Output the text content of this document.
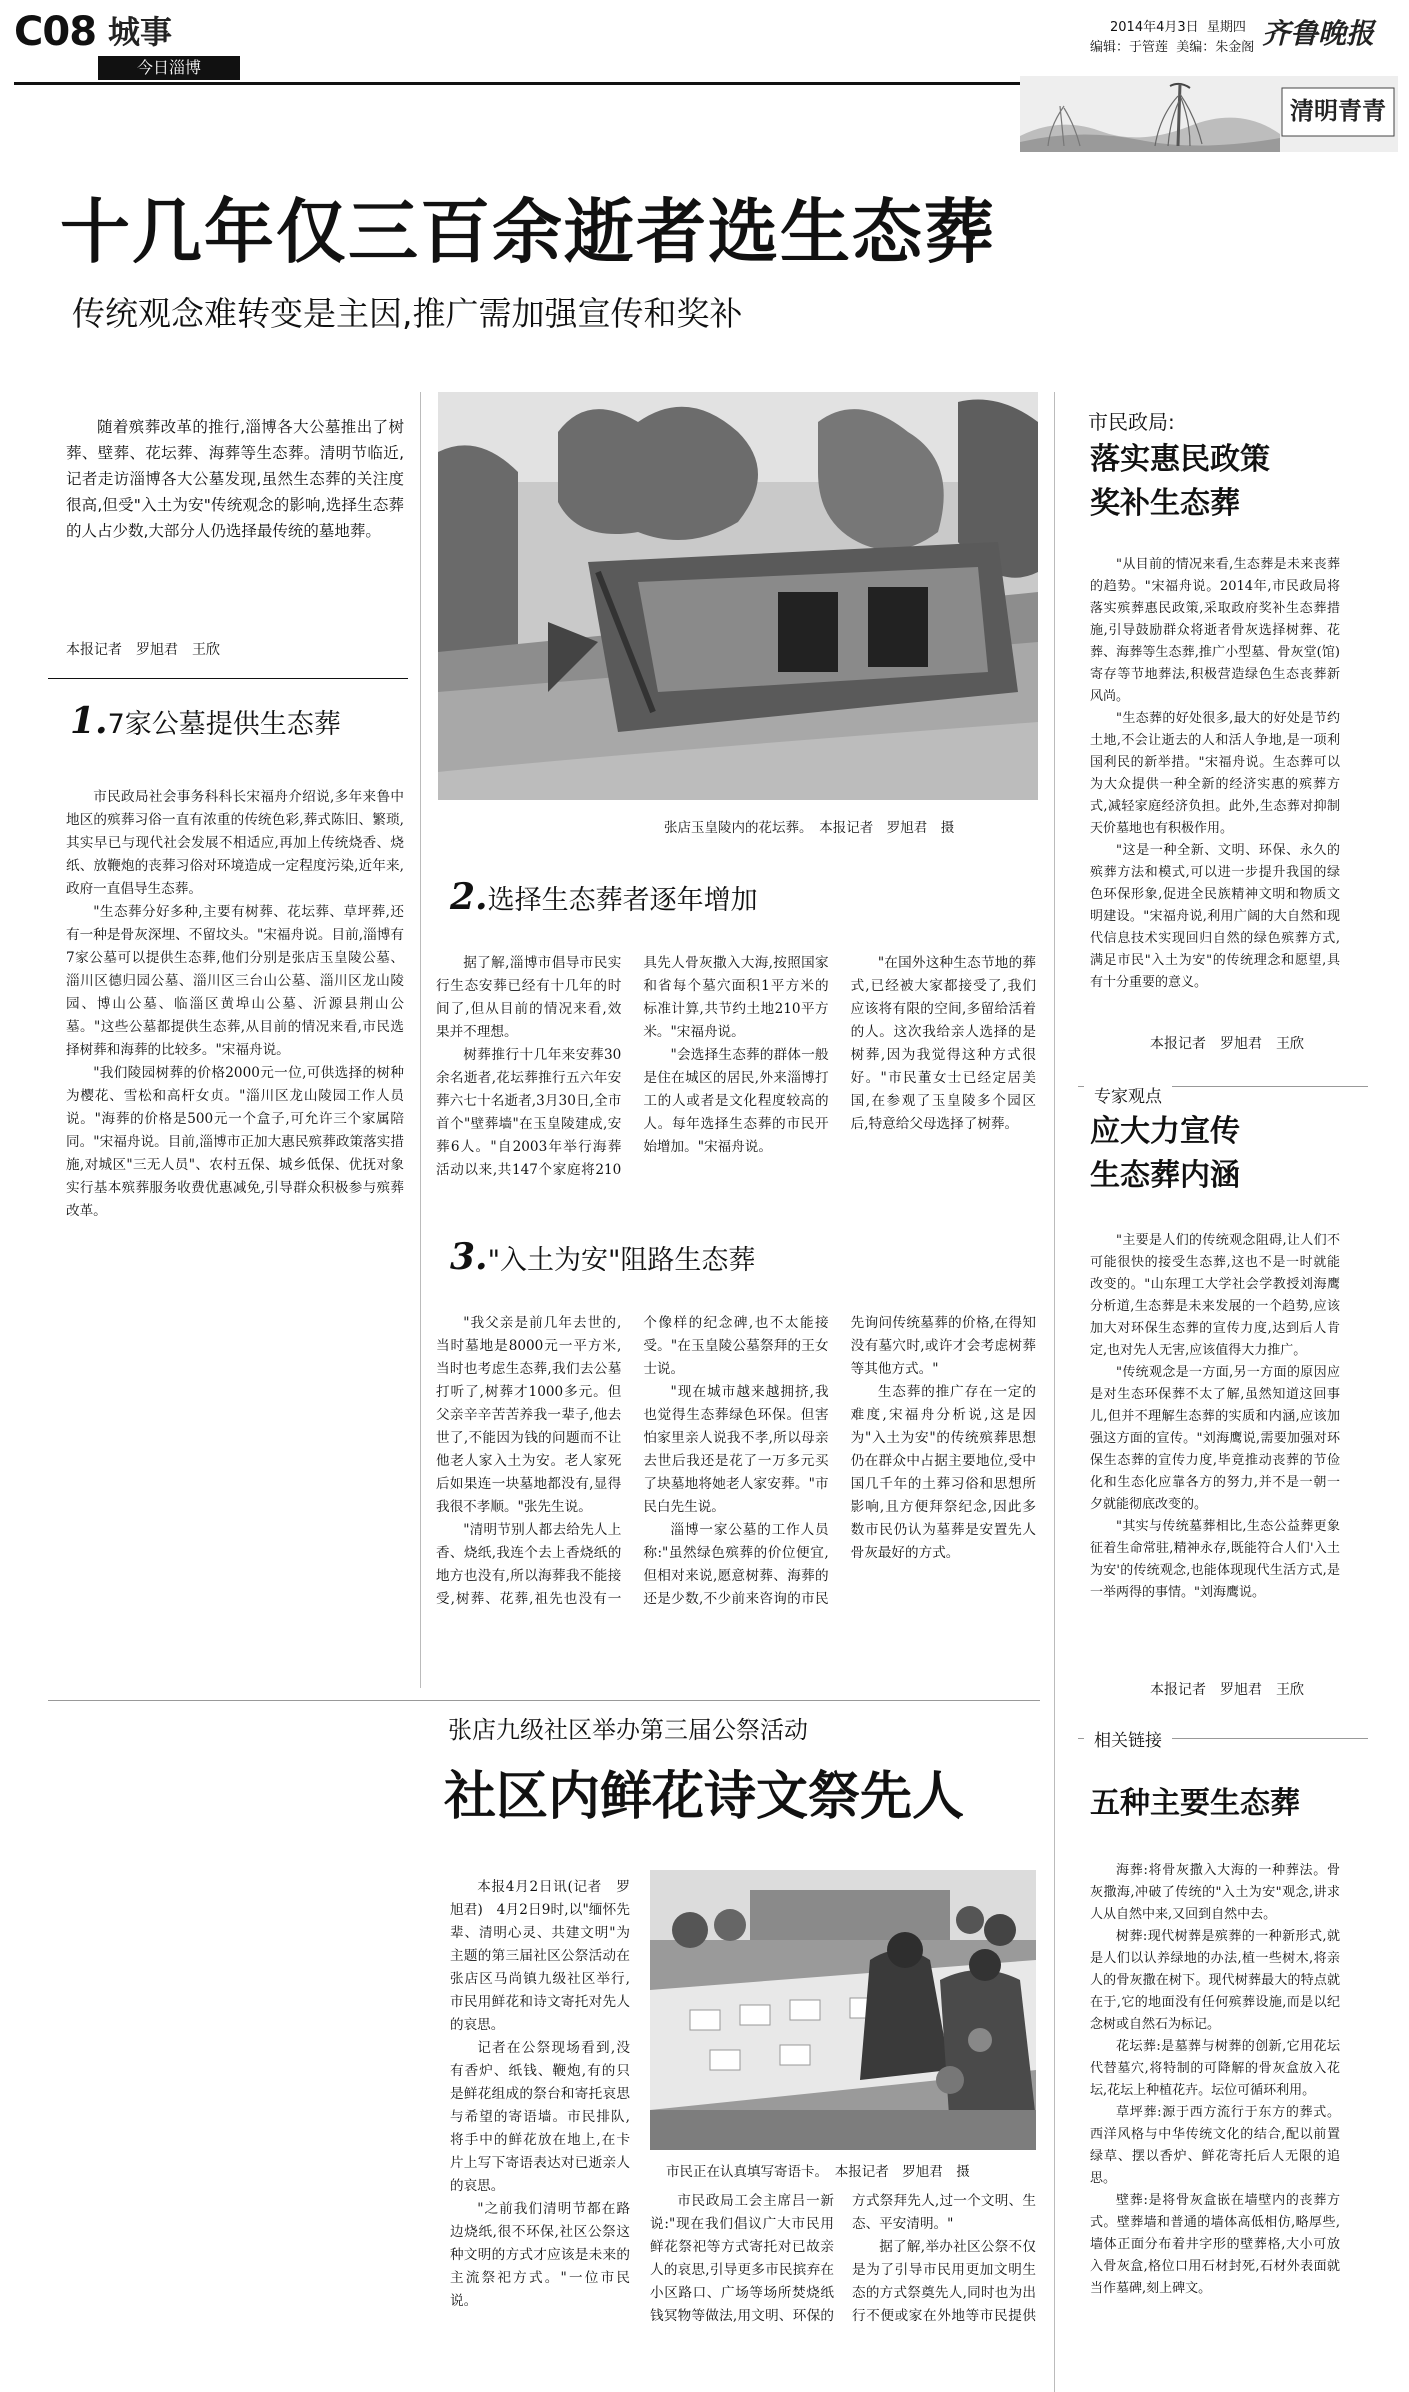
C08 城事
今日淄博
2014年4月3日 星期四
编辑：于管莲 美编：朱金阁 齐鲁晚报
清明青青
十几年仅三百余逝者选生态葬
传统观念难转变是主因,推广需加强宣传和奖补

随着殡葬改革的推行,淄博各大公墓推出了树葬、壁葬、花坛葬、海葬等生态葬。清明节临近,记者走访淄博各大公墓发现,虽然生态葬的关注度很高,但受"入土为安"传统观念的影响,选择生态葬的人占少数,大部分人仍选择最传统的墓地葬。

本报记者　罗旭君　王欣
张店玉皇陵内的花坛葬。　本报记者　罗旭君　摄
1.7家公墓提供生态葬

市民政局社会事务科科长宋福舟介绍说,多年来鲁中地区的殡葬习俗一直有浓重的传统色彩,葬式陈旧、繁琐,其实早已与现代社会发展不相适应,再加上传统烧香、烧纸、放鞭炮的丧葬习俗对环境造成一定程度污染,近年来,政府一直倡导生态葬。

"生态葬分好多种,主要有树葬、花坛葬、草坪葬,还有一种是骨灰深埋、不留坟头。"宋福舟说。目前,淄博有7家公墓可以提供生态葬,他们分别是张店玉皇陵公墓、淄川区德归园公墓、淄川区三台山公墓、淄川区龙山陵园、博山公墓、临淄区黄埠山公墓、沂源县荆山公墓。"这些公墓都提供生态葬,从目前的情况来看,市民选择树葬和海葬的比较多。"宋福舟说。

"我们陵园树葬的价格2000元一位,可供选择的树种为樱花、雪松和高杆女贞。"淄川区龙山陵园工作人员说。"海葬的价格是500元一个盒子,可允许三个家属陪同。"宋福舟说。目前,淄博市正加大惠民殡葬政策落实措施,对城区"三无人员"、农村五保、城乡低保、优抚对象实行基本殡葬服务收费优惠减免,引导群众积极参与殡葬改革。

2.选择生态葬者逐年增加

据了解,淄博市倡导市民实行生态安葬已经有十几年的时间了,但从目前的情况来看,效果并不理想。

树葬推行十几年来安葬30余名逝者,花坛葬推行五六年安葬六七十名逝者,3月30日,全市首个"壁葬墙"在玉皇陵建成,安葬6人。"自2003年举行海葬活动以来,共147个家庭将210具先人骨灰撒入大海,按照国家和省每个墓穴面积1平方米的标准计算,共节约土地210平方米。"宋福舟说。

"会选择生态葬的群体一般是住在城区的居民,外来淄博打工的人或者是文化程度较高的人。每年选择生态葬的市民开始增加。"宋福舟说。

"在国外这种生态节地的葬式,已经被大家都接受了,我们应该将有限的空间,多留给活着的人。这次我给亲人选择的是树葬,因为我觉得这种方式很好。"市民董女士已经定居美国,在参观了玉皇陵多个园区后,特意给父母选择了树葬。

3."入土为安"阻路生态葬

"我父亲是前几年去世的,当时墓地是8000元一平方米,当时也考虑生态葬,我们去公墓打听了,树葬才1000多元。但父亲辛辛苦苦养我一辈子,他去世了,不能因为钱的问题而不让他老人家入土为安。老人家死后如果连一块墓地都没有,显得我很不孝顺。"张先生说。

"清明节别人都去给先人上香、烧纸,我连个去上香烧纸的地方也没有,所以海葬我不能接受,树葬、花葬,祖先也没有一个像样的纪念碑,也不太能接受。"在玉皇陵公墓祭拜的王女士说。

"现在城市越来越拥挤,我也觉得生态葬绿色环保。但害怕家里亲人说我不孝,所以母亲去世后我还是花了一万多元买了块墓地将她老人家安葬。"市民白先生说。

淄博一家公墓的工作人员称:"虽然绿色殡葬的价位便宜,但相对来说,愿意树葬、海葬的还是少数,不少前来咨询的市民先询问传统墓葬的价格,在得知没有墓穴时,或许才会考虑树葬等其他方式。"

生态葬的推广存在一定的难度,宋福舟分析说,这是因为"入土为安"的传统殡葬思想仍在群众中占据主要地位,受中国几千年的土葬习俗和思想所影响,且方便拜祭纪念,因此多数市民仍认为墓葬是安置先人骨灰最好的方式。

市民政局:
落实惠民政策
奖补生态葬

"从目前的情况来看,生态葬是未来丧葬的趋势。"宋福舟说。2014年,市民政局将落实殡葬惠民政策,采取政府奖补生态葬措施,引导鼓励群众将逝者骨灰选择树葬、花葬、海葬等生态葬,推广小型墓、骨灰堂(馆)寄存等节地葬法,积极营造绿色生态丧葬新风尚。

"生态葬的好处很多,最大的好处是节约土地,不会让逝去的人和活人争地,是一项利国利民的新举措。"宋福舟说。生态葬可以为大众提供一种全新的经济实惠的殡葬方式,减轻家庭经济负担。此外,生态葬对抑制天价墓地也有积极作用。

"这是一种全新、文明、环保、永久的殡葬方法和模式,可以进一步提升我国的绿色环保形象,促进全民族精神文明和物质文明建设。"宋福舟说,利用广阔的大自然和现代信息技术实现回归自然的绿色殡葬方式,满足市民"入土为安"的传统理念和愿望,具有十分重要的意义。

本报记者　罗旭君　王欣
专家观点
应大力宣传
生态葬内涵

"主要是人们的传统观念阻碍,让人们不可能很快的接受生态葬,这也不是一时就能改变的。"山东理工大学社会学教授刘海鹰分析道,生态葬是未来发展的一个趋势,应该加大对环保生态葬的宣传力度,达到后人肯定,也对先人无害,应该值得大力推广。

"传统观念是一方面,另一方面的原因应是对生态环保葬不太了解,虽然知道这回事儿,但并不理解生态葬的实质和内涵,应该加强这方面的宣传。"刘海鹰说,需要加强对环保生态葬的宣传力度,毕竟推动丧葬的节俭化和生态化应靠各方的努力,并不是一朝一夕就能彻底改变的。

"其实与传统墓葬相比,生态公益葬更象征着生命常驻,精神永存,既能符合人们'入土为安'的传统观念,也能体现现代生活方式,是一举两得的事情。"刘海鹰说。

本报记者　罗旭君　王欣
相关链接
五种主要生态葬

海葬:将骨灰撒入大海的一种葬法。骨灰撒海,冲破了传统的"入土为安"观念,讲求人从自然中来,又回到自然中去。

树葬:现代树葬是殡葬的一种新形式,就是人们以认养绿地的办法,植一些树木,将亲人的骨灰撒在树下。现代树葬最大的特点就在于,它的地面没有任何殡葬设施,而是以纪念树或自然石为标记。

花坛葬:是墓葬与树葬的创新,它用花坛代替墓穴,将特制的可降解的骨灰盒放入花坛,花坛上种植花卉。坛位可循环利用。

草坪葬:源于西方流行于东方的葬式。西洋风格与中华传统文化的结合,配以前置绿草、摆以香炉、鲜花寄托后人无限的追思。

壁葬:是将骨灰盒嵌在墙壁内的丧葬方式。壁葬墙和普通的墙体高低相仿,略厚些,墙体正面分布着井字形的壁葬格,大小可放入骨灰盒,格位口用石材封死,石材外表面就当作墓碑,刻上碑文。

张店九级社区举办第三届公祭活动
社区内鲜花诗文祭先人
市民正在认真填写寄语卡。　本报记者　罗旭君　摄

本报4月2日讯(记者　罗旭君)　4月2日9时,以"缅怀先辈、清明心灵、共建文明"为主题的第三届社区公祭活动在张店区马尚镇九级社区举行,市民用鲜花和诗文寄托对先人的哀思。

记者在公祭现场看到,没有香炉、纸钱、鞭炮,有的只是鲜花组成的祭台和寄托哀思与希望的寄语墙。市民排队,将手中的鲜花放在地上,在卡片上写下寄语表达对已逝亲人的哀思。

"之前我们清明节都在路边烧纸,很不环保,社区公祭这种文明的方式才应该是未来的主流祭祀方式。"一位市民说。

市民政局工会主席吕一新说:"现在我们倡议广大市民用鲜花祭祀等方式寄托对已故亲人的哀思,引导更多市民摈弃在小区路口、广场等场所焚烧纸钱冥物等做法,用文明、环保的方式祭拜先人,过一个文明、生态、平安清明。"

据了解,举办社区公祭不仅是为了引导市民用更加文明生态的方式祭奠先人,同时也为出行不便或家在外地等市民提供
